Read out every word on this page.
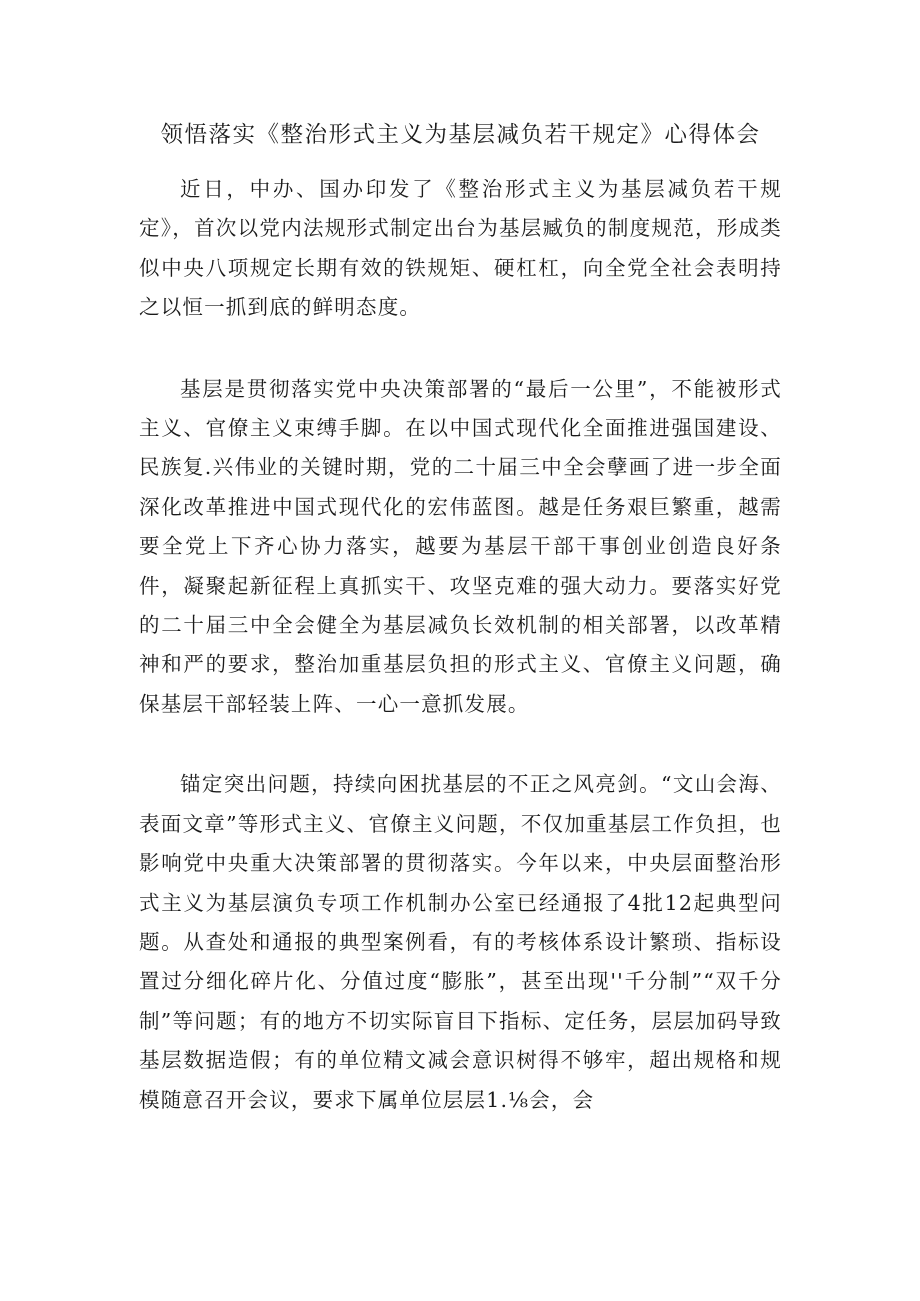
领悟落实《整治形式主义为基层减负若干规定》心得体会

近日，中办、国办印发了《整治形式主义为基层减负若干规定》，首次以党内法规形式制定出台为基层臧负的制度规范，形成类似中央八项规定长期有效的铁规矩、硬杠杠，向全党全社会表明持之以恒一抓到底的鲜明态度。

基层是贯彻落实党中央决策部署的“最后一公里”，不能被形式主义、官僚主义束缚手脚。在以中国式现代化全面推进强国建设、民族复.兴伟业的关键时期，党的二十届三中全会孽画了进一步全面深化改革推进中国式现代化的宏伟蓝图。越是任务艰巨繁重，越需要全党上下齐心协力落实，越要为基层干部干事创业创造良好条件，凝聚起新征程上真抓实干、攻坚克难的强大动力。要落实好党的二十届三中全会健全为基层减负长效机制的相关部署，以改革精神和严的要求，整治加重基层负担的形式主义、官僚主义问题，确保基层干部轻装上阵、一心一意抓发展。

锚定突出问题，持续向困扰基层的不正之风亮剑。“文山会海、表面文章”等形式主义、官僚主义问题，不仅加重基层工作负担，也影响党中央重大决策部署的贯彻落实。今年以来，中央层面整治形式主义为基层演负专项工作机制办公室已经通报了4批12起典型问题。从查处和通报的典型案例看，有的考核体系设计繁琐、指标设置过分细化碎片化、分值过度“膨胀”，甚至出现''千分制”“双千分制”等问题；有的地方不切实际盲目下指标、定任务，层层加码导致基层数据造假；有的单位精文减会意识树得不够牢，超出规格和规模随意召开会议，要求下属单位层层1.⅛会，会
